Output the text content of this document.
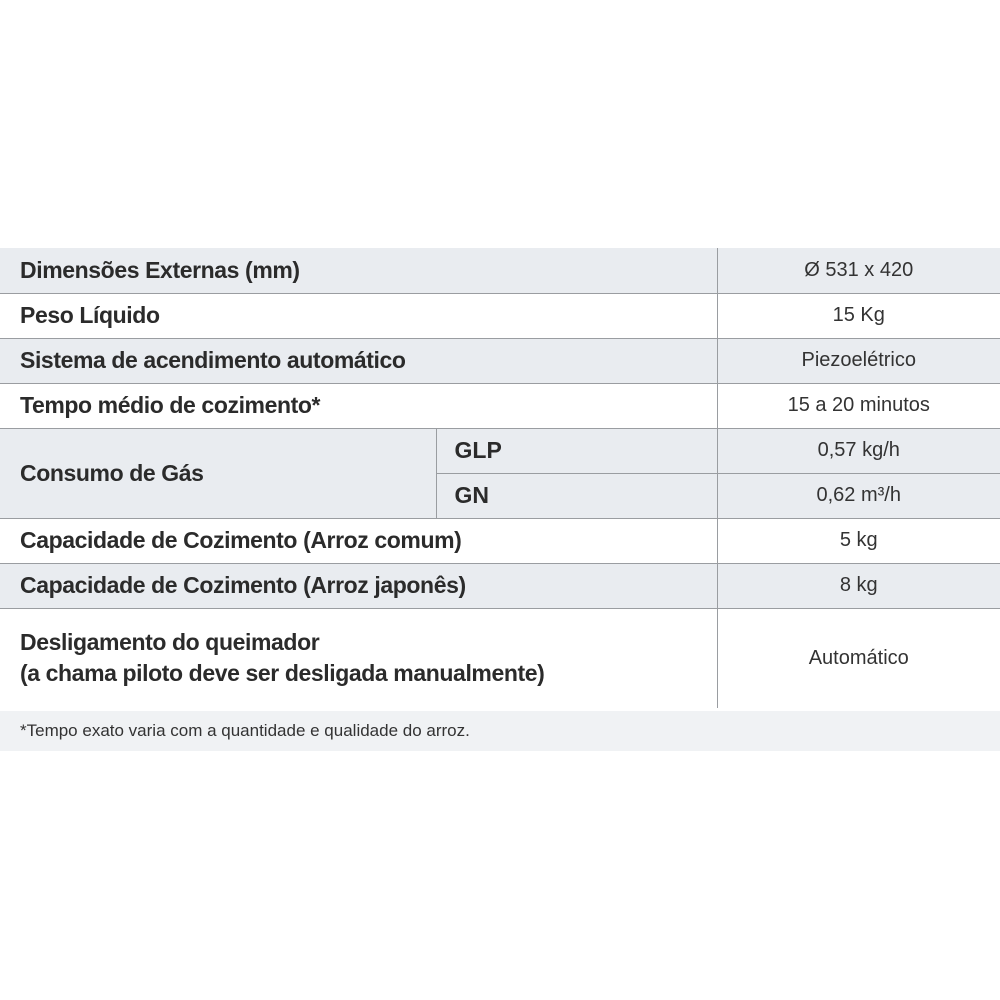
Dimensões Externas (mm)		Ø 531 x 420
Peso Líquido		15 Kg
Sistema de acendimento automático		Piezoelétrico
Tempo médio de cozimento*		15 a 20 minutos
Consumo de Gás	GLP	0,57 kg/h
	GN	0,62 m³/h
Capacidade de Cozimento (Arroz comum)		5 kg
Capacidade de Cozimento (Arroz japonês)		8 kg

Desligamento do queimador
(a chama piloto deve ser desligada manualmente)		Automático
*Tempo exato varia com a quantidade e qualidade do arroz.
